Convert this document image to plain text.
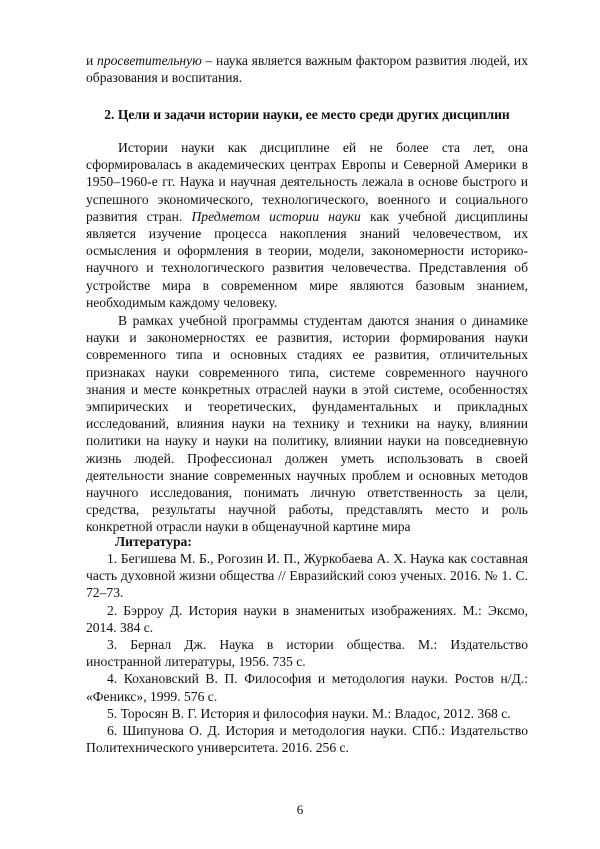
и просветительную – наука является важным фактором развития людей, их образования и воспитания.

2. Цели и задачи истории науки, ее место среди других дисциплин

Истории науки как дисциплине ей не более ста лет, она сформировалась в академических центрах Европы и Северной Америки в 1950–1960-е гг. Наука и научная деятельность лежала в основе быстрого и успешного экономического, технологического, военного и социального развития стран. Предметом истории науки как учебной дисциплины является изучение процесса накопления знаний человечеством, их осмысления и оформления в теории, модели, закономерности историко-научного и технологического развития человечества. Представления об устройстве мира в современном мире являются базовым знанием, необходимым каждому человеку.

В рамках учебной программы студентам даются знания о динамике науки и закономерностях ее развития, истории формирования науки современного типа и основных стадиях ее развития, отличительных признаках науки современного типа, системе современного научного знания и месте конкретных отраслей науки в этой системе, особенностях эмпирических и теоретических, фундаментальных и прикладных исследований, влияния науки на технику и техники на науку, влиянии политики на науку и науки на политику, влиянии науки на повседневную жизнь людей. Профессионал должен уметь использовать в своей деятельности знание современных научных проблем и основных методов научного исследования, понимать личную ответственность за цели, средства, результаты научной работы, представлять место и роль конкретной отрасли науки в общенаучной картине мира

Литература:

1. Бегишева М. Б., Рогозин И. П., Журкобаева А. Х. Наука как составная часть духовной жизни общества // Евразийский союз ученых. 2016. № 1. С. 72–73.

2. Бэрроу Д. История науки в знаменитых изображениях. М.: Эксмо, 2014. 384 с.

3. Бернал Дж. Наука в истории общества. М.: Издательство иностранной литературы, 1956. 735 с.

4. Кохановский В. П. Философия и методология науки. Ростов н/Д.: «Феникс», 1999. 576 с.

5. Торосян В. Г. История и философия науки. М.: Владос, 2012. 368 с.

6. Шипунова О. Д. История и методология науки. СПб.: Издательство Политехнического университета. 2016. 256 с.

6
